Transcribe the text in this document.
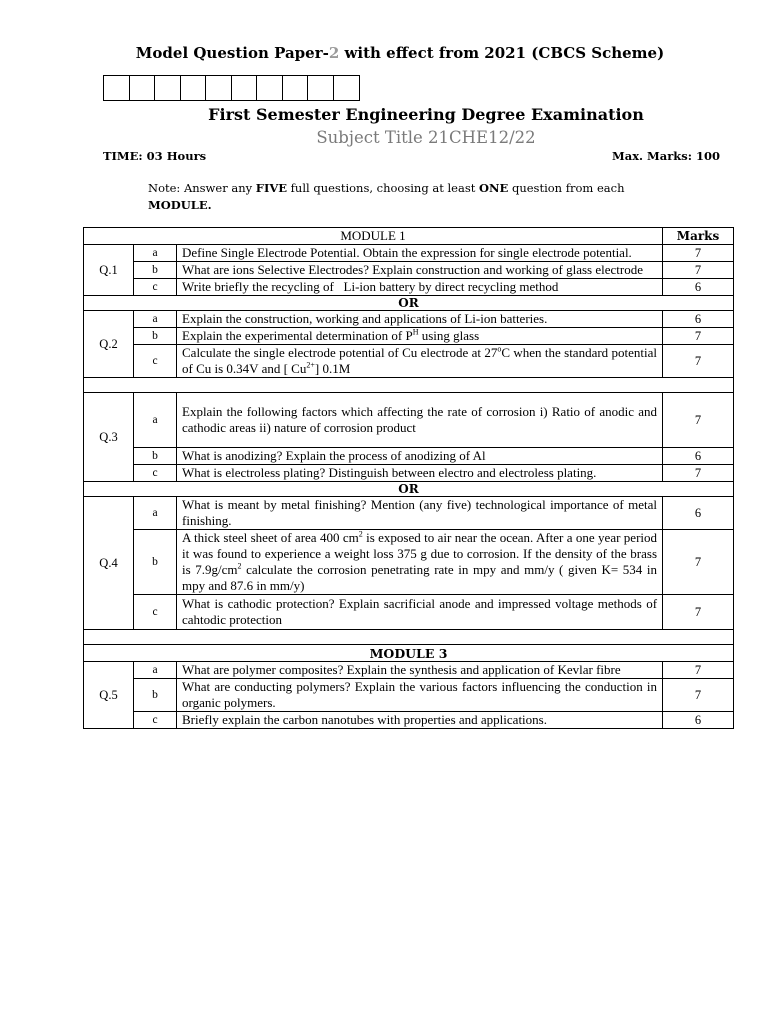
Model Question Paper-2 with effect from 2021 (CBCS Scheme)
First Semester Engineering Degree Examination
Subject Title 21CHE12/22
TIME: 03 Hours	Max. Marks: 100
Note: Answer any FIVE full questions, choosing at least ONE question from each MODULE.
MODULE 1			Marks
Q.1	a	Define Single Electrode Potential. Obtain the expression for single electrode potential.	7
	b	What are ions Selective Electrodes? Explain construction and working of glass electrode	7
	c	Write briefly the recycling of   Li-ion battery by direct recycling method	6
OR			
Q.2	a	Explain the construction, working and applications of Li-ion batteries.	6
	b	Explain the experimental determination of $P^H$ using glass	7
	c	Calculate the single electrode potential of Cu electrode at 27$^o$C when the standard potential of Cu is 0.34V and [ $Cu^{2+}$] 0.1M	7

Q.3	a	Explain the following factors which affecting the rate of corrosion i) Ratio of anodic and cathodic areas ii) nature of corrosion product	7
	b	What is anodizing? Explain the process of anodizing of Al	6
	c	What is electroless plating? Distinguish between electro and electroless plating.	7
OR			
Q.4	a	What is meant by metal finishing? Mention (any five) technological importance of metal finishing.	6
	b	A thick steel sheet of area 400 $cm^2$ is exposed to air near the ocean. After a one year period it was found to experience a weight loss 375 g due to corrosion. If the density of the brass is $7.9g/cm^2$ calculate the corrosion penetrating rate in mpy and mm/y ( given K= 534 in mpy and 87.6 in mm/y)	7
	c	What is cathodic protection? Explain sacrificial anode and impressed voltage methods of cahtodic protection	7

MODULE 3			
Q.5	a	What are polymer composites? Explain the synthesis and application of Kevlar fibre	7
	b	What are conducting polymers? Explain the various factors influencing the conduction in organic polymers.	7
	c	Briefly explain the carbon nanotubes with properties and applications.	6
